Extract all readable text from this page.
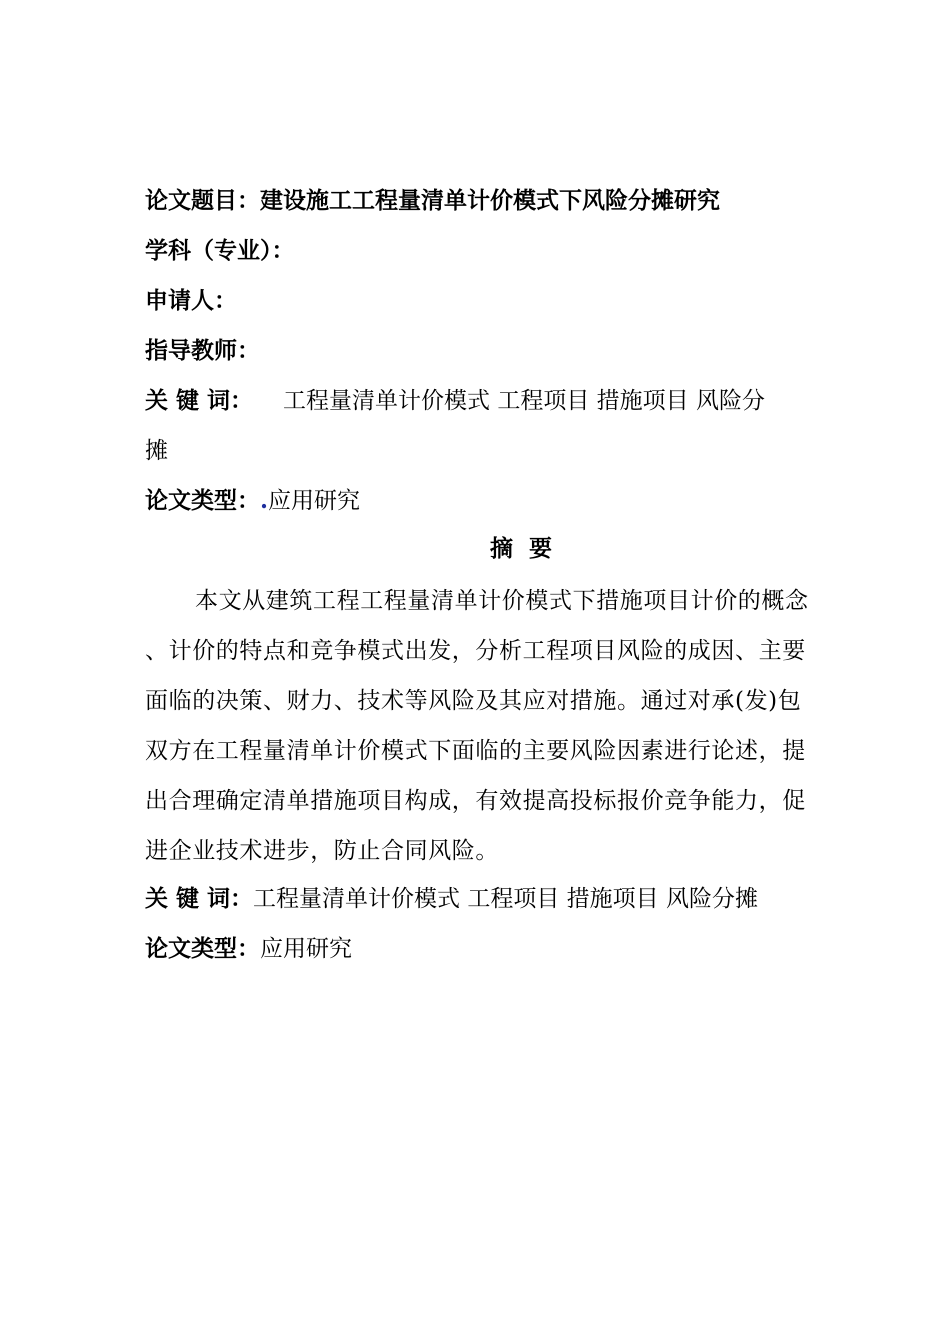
论文题目：建设施工工程量清单计价模式下风险分摊研究
学科（专业）：
申请人：
指导教师：
关 键 词： 工程量清单计价模式 工程项目 措施项目 风险分
摊
论文类型：.应用研究
摘要
本文从建筑工程工程量清单计价模式下措施项目计价的概念
、计价的特点和竞争模式出发，分析工程项目风险的成因、主要
面临的决策、财力、技术等风险及其应对措施。通过对承(发)包
双方在工程量清单计价模式下面临的主要风险因素进行论述，提
出合理确定清单措施项目构成，有效提高投标报价竞争能力，促
进企业技术进步，防止合同风险。
关 键 词：工程量清单计价模式 工程项目 措施项目 风险分摊
论文类型：应用研究
